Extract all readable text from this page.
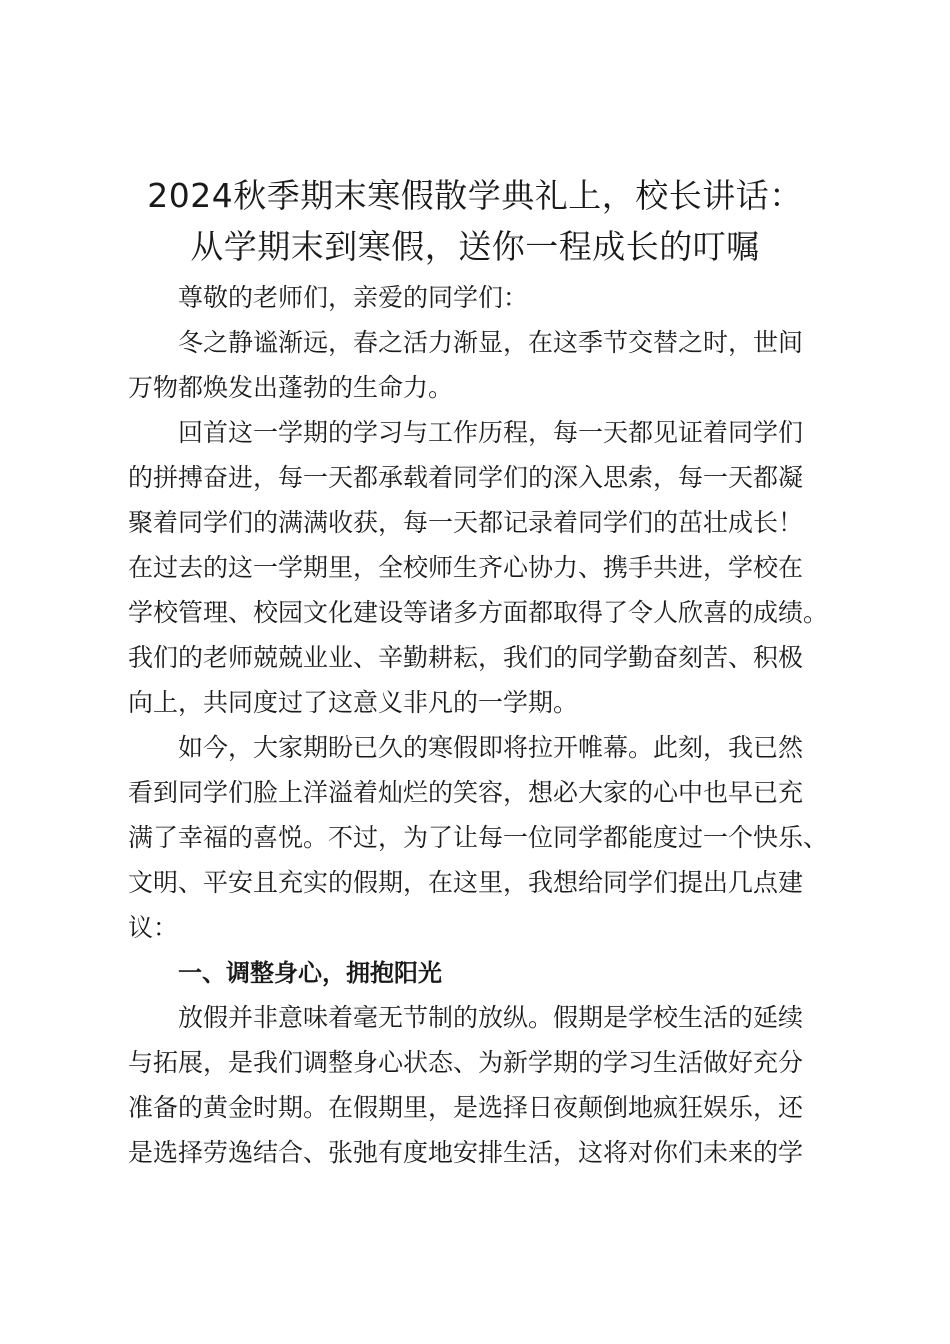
2024秋季期末寒假散学典礼上，校长讲话：
从学期末到寒假，送你一程成长的叮嘱

尊敬的老师们，亲爱的同学们：

冬之静谧渐远，春之活力渐显，在这季节交替之时，世间

万物都焕发出蓬勃的生命力。

回首这一学期的学习与工作历程，每一天都见证着同学们

的拼搏奋进，每一天都承载着同学们的深入思索，每一天都凝

聚着同学们的满满收获，每一天都记录着同学们的茁壮成长！

在过去的这一学期里，全校师生齐心协力、携手共进，学校在

学校管理、校园文化建设等诸多方面都取得了令人欣喜的成绩。

我们的老师兢兢业业、辛勤耕耘，我们的同学勤奋刻苦、积极

向上，共同度过了这意义非凡的一学期。

如今，大家期盼已久的寒假即将拉开帷幕。此刻，我已然

看到同学们脸上洋溢着灿烂的笑容，想必大家的心中也早已充

满了幸福的喜悦。不过，为了让每一位同学都能度过一个快乐、

文明、平安且充实的假期，在这里，我想给同学们提出几点建

议：

一、调整身心，拥抱阳光

放假并非意味着毫无节制的放纵。假期是学校生活的延续

与拓展，是我们调整身心状态、为新学期的学习生活做好充分

准备的黄金时期。在假期里，是选择日夜颠倒地疯狂娱乐，还

是选择劳逸结合、张弛有度地安排生活，这将对你们未来的学
